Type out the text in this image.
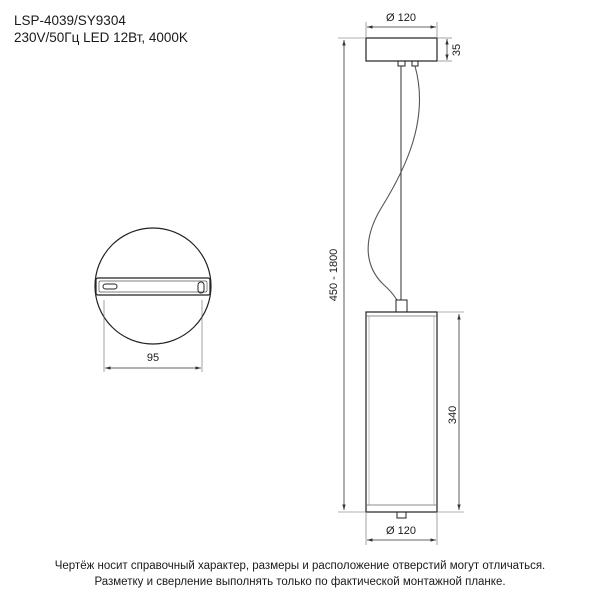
LSP-4039/SY9304
230V/50Гц LED 12Вт, 4000K
95
Ø 120
35
450 - 1800
340
Ø 120
Чертёж носит справочный характер, размеры и расположение отверстий могут отличаться.
Разметку и сверление выполнять только по фактической монтажной планке.
